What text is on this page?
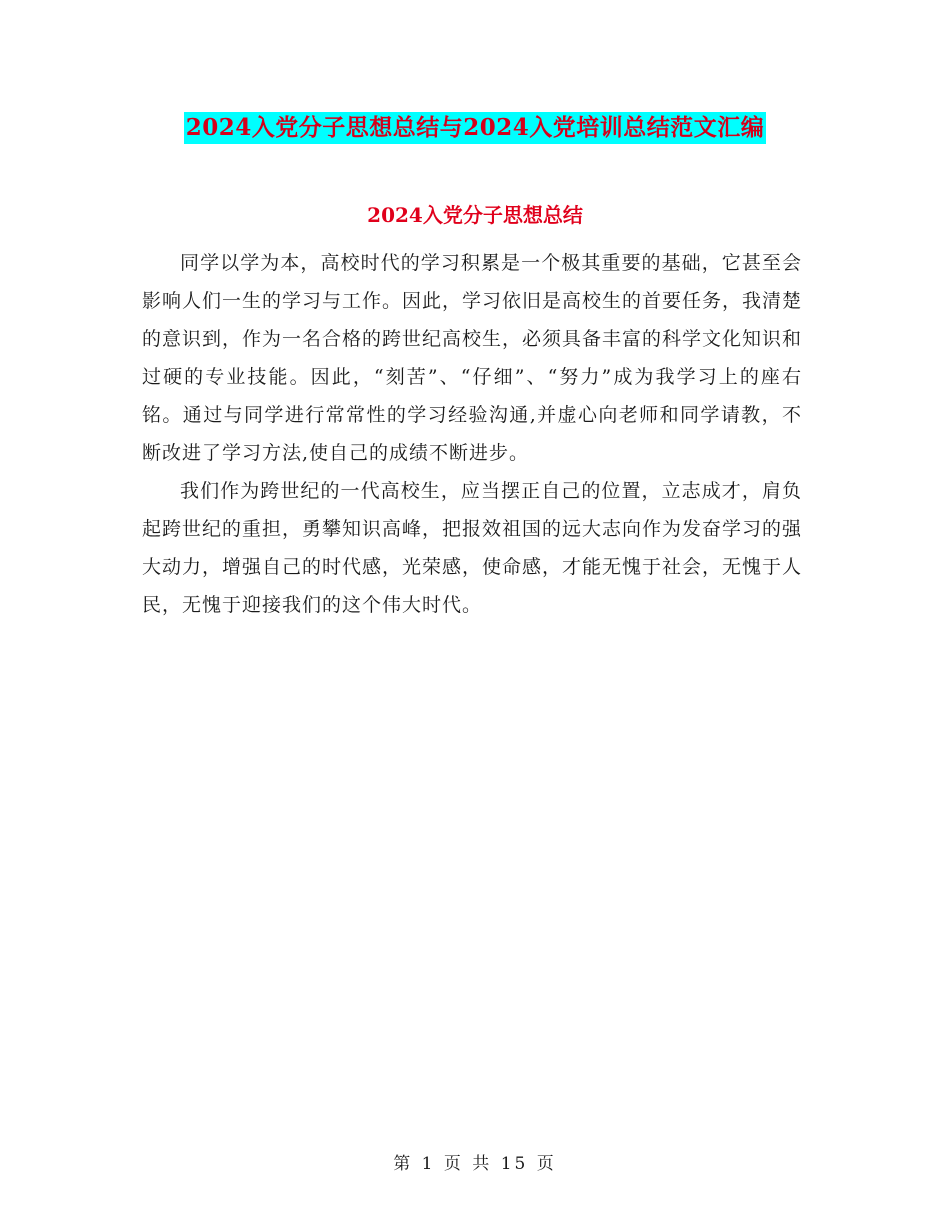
2024入党分子思想总结与2024入党培训总结范文汇编
2024入党分子思想总结

同学以学为本，高校时代的学习积累是一个极其重要的基础，它甚至会影响人们一生的学习与工作。因此，学习依旧是高校生的首要任务，我清楚的意识到，作为一名合格的跨世纪高校生，必须具备丰富的科学文化知识和过硬的专业技能。因此，“刻苦”、“仔细”、“努力”成为我学习上的座右铭。通过与同学进行常常性的学习经验沟通,并虚心向老师和同学请教，不断改进了学习方法,使自己的成绩不断进步。

我们作为跨世纪的一代高校生，应当摆正自己的位置，立志成才，肩负起跨世纪的重担，勇攀知识高峰，把报效祖国的远大志向作为发奋学习的强大动力，增强自己的时代感，光荣感，使命感，才能无愧于社会，无愧于人民，无愧于迎接我们的这个伟大时代。

第 1 页 共 15 页
